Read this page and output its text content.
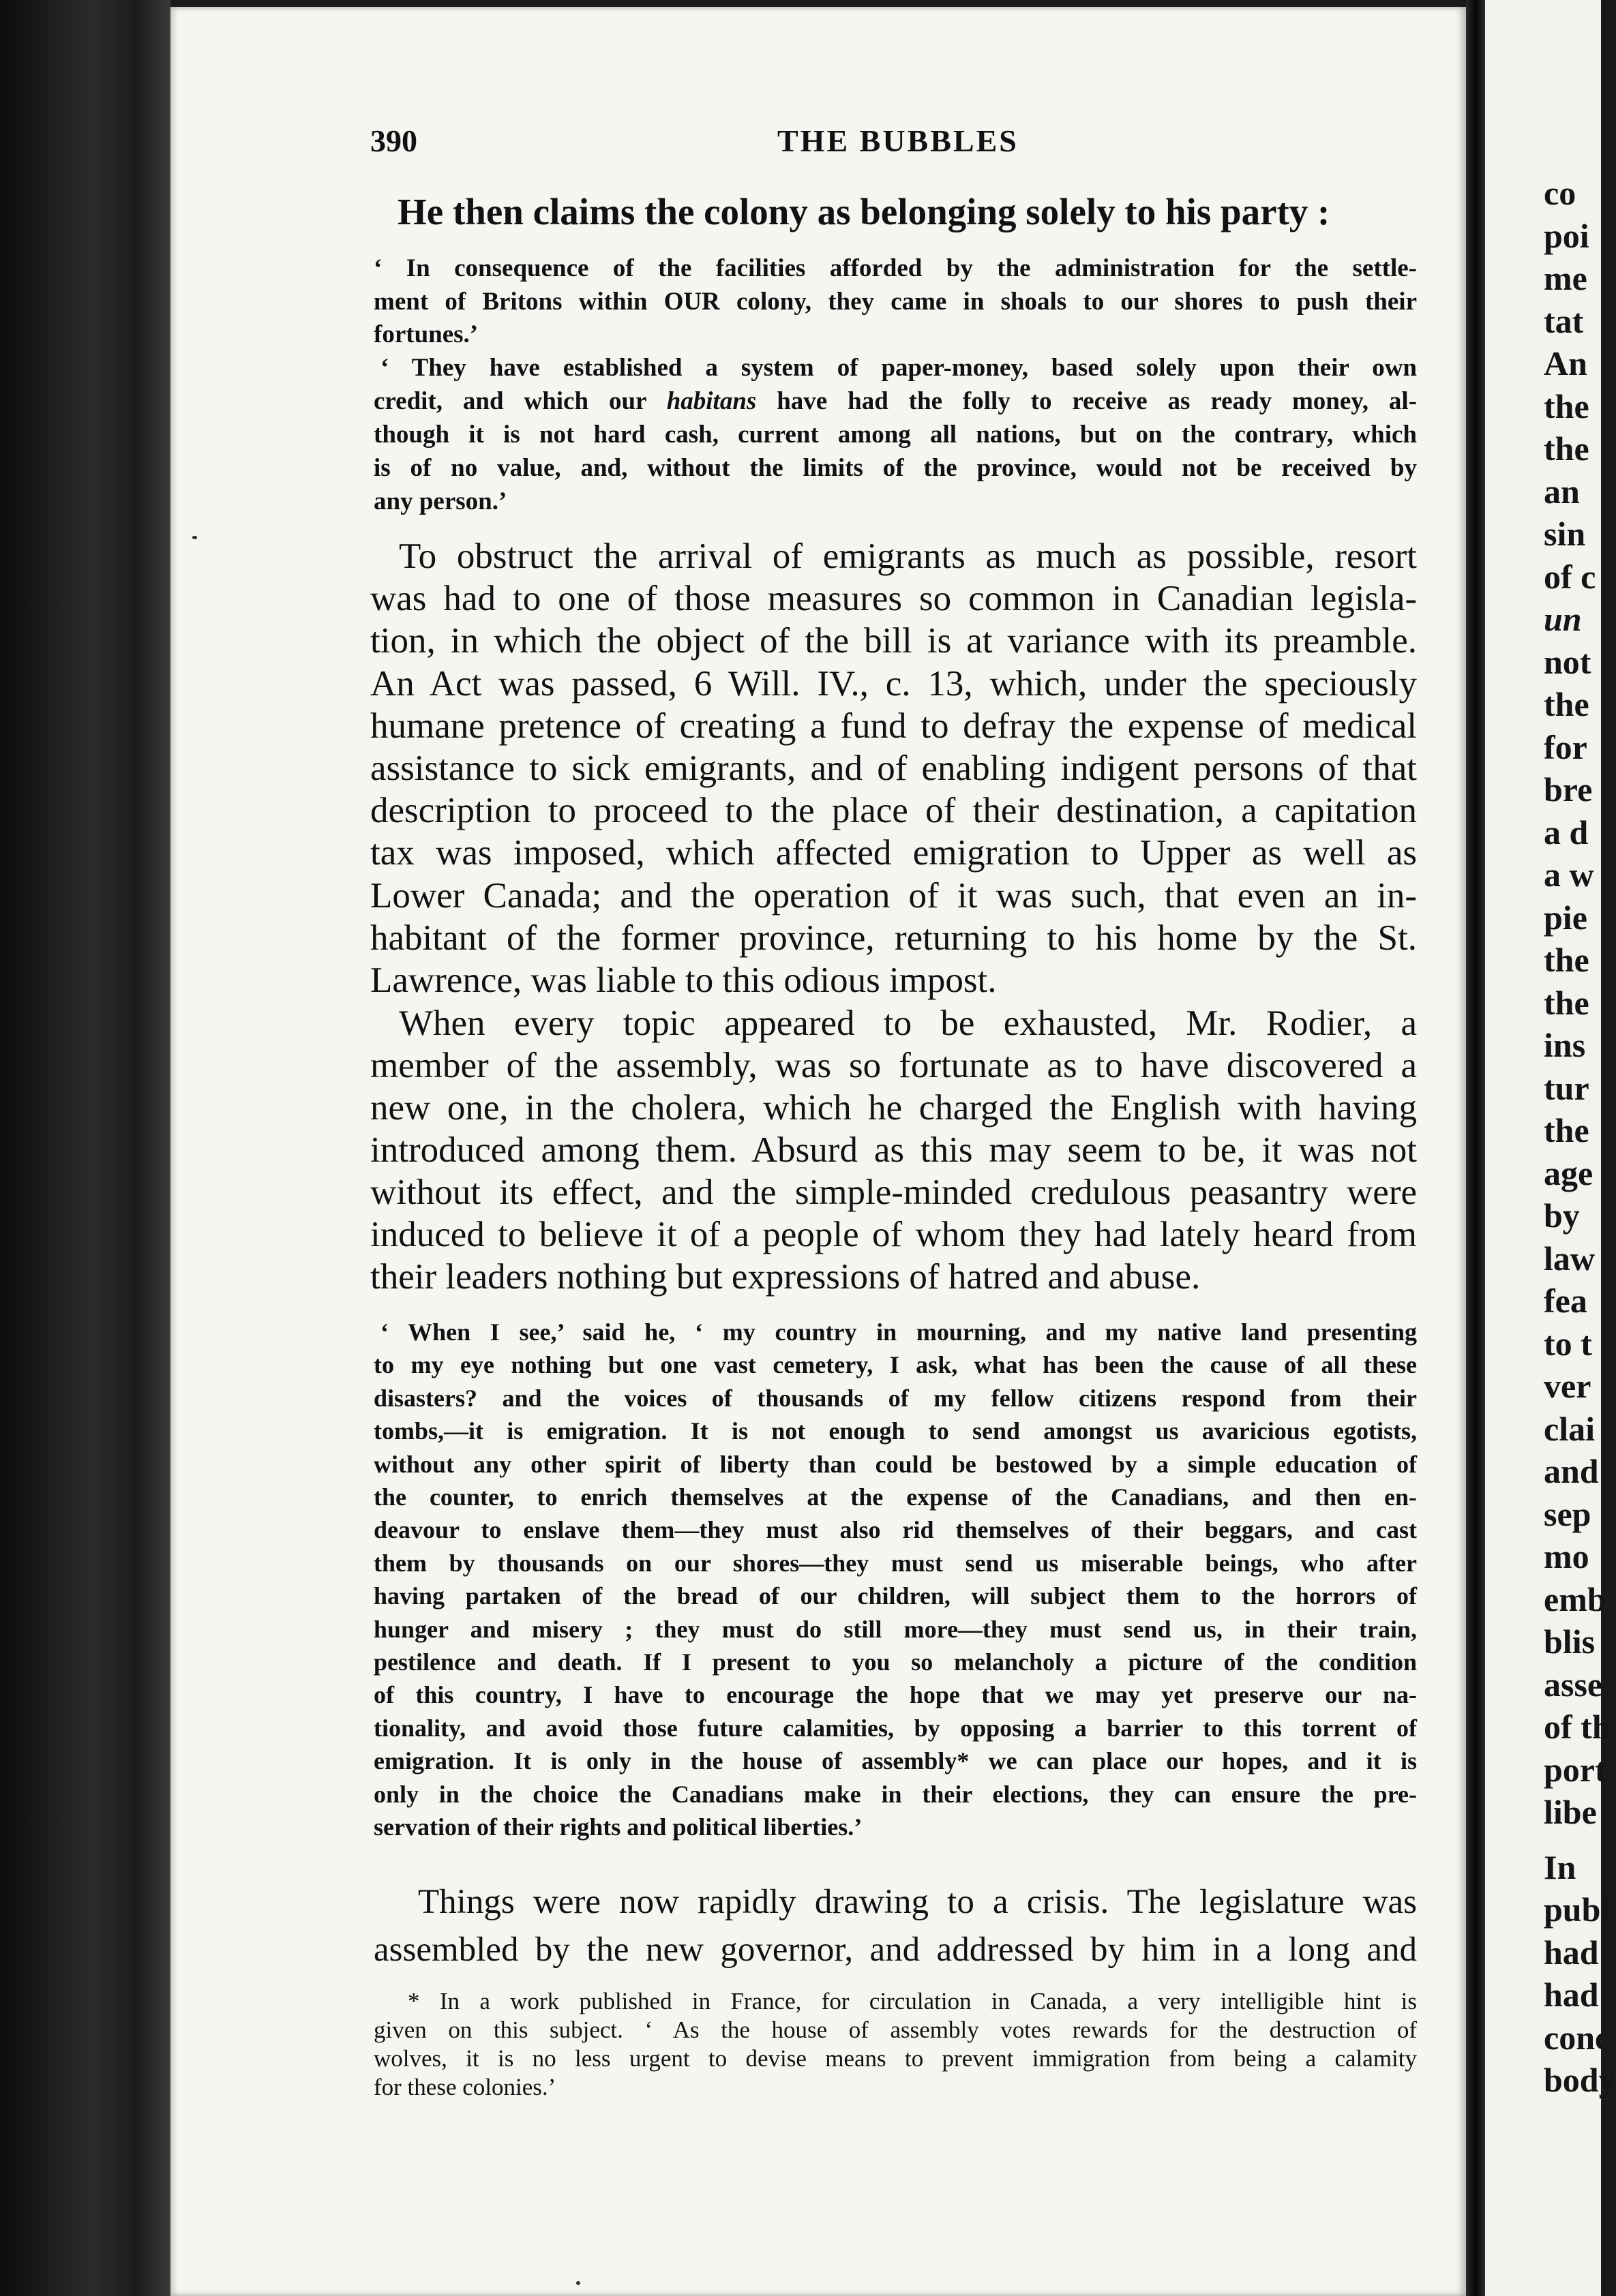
co
poi
me
tat
An
the
the
an
sin
of c
un
not
the
for
bre
a d
a w
pie
the
the
ins
tur
the
age
by
law
fea
to t
ver
clai
and
sep
mo
emb
blis
asse
of th
port
libe
In
publ
had
had
conc
body
390	THE BUBBLES

He then claims the colony as belonging solely to his party :

‘ In consequence of the facilities afforded by the administration for the settle-

ment of Britons within OUR colony, they came in shoals to our shores to push their

fortunes.’

‘ They have established a system of paper-money, based solely upon their own

credit, and which our habitans have had the folly to receive as ready money, al-

though it is not hard cash, current among all nations, but on the contrary, which

is of no value, and, without the limits of the province, would not be received by

any person.’

To obstruct the arrival of emigrants as much as possible, resort

was had to one of those measures so common in Canadian legisla-

tion, in which the object of the bill is at variance with its preamble.

An Act was passed, 6 Will. IV., c. 13, which, under the speciously

humane pretence of creating a fund to defray the expense of medical

assistance to sick emigrants, and of enabling indigent persons of that

description to proceed to the place of their destination, a capitation

tax was imposed, which affected emigration to Upper as well as

Lower Canada; and the operation of it was such, that even an in-

habitant of the former province, returning to his home by the St.

Lawrence, was liable to this odious impost.

When every topic appeared to be exhausted, Mr. Rodier, a

member of the assembly, was so fortunate as to have discovered a

new one, in the cholera, which he charged the English with having

introduced among them. Absurd as this may seem to be, it was not

without its effect, and the simple-minded credulous peasantry were

induced to believe it of a people of whom they had lately heard from

their leaders nothing but expressions of hatred and abuse.

‘ When I see,’ said he, ‘ my country in mourning, and my native land presenting

to my eye nothing but one vast cemetery, I ask, what has been the cause of all these

disasters? and the voices of thousands of my fellow citizens respond from their

tombs,—it is emigration. It is not enough to send amongst us avaricious egotists,

without any other spirit of liberty than could be bestowed by a simple education of

the counter, to enrich themselves at the expense of the Canadians, and then en-

deavour to enslave them—they must also rid themselves of their beggars, and cast

them by thousands on our shores—they must send us miserable beings, who after

having partaken of the bread of our children, will subject them to the horrors of

hunger and misery ; they must do still more—they must send us, in their train,

pestilence and death. If I present to you so melancholy a picture of the condition

of this country, I have to encourage the hope that we may yet preserve our na-

tionality, and avoid those future calamities, by opposing a barrier to this torrent of

emigration. It is only in the house of assembly* we can place our hopes, and it is

only in the choice the Canadians make in their elections, they can ensure the pre-

servation of their rights and political liberties.’

Things were now rapidly drawing to a crisis. The legislature was

assembled by the new governor, and addressed by him in a long and

* In a work published in France, for circulation in Canada, a very intelligible hint is

given on this subject. ‘ As the house of assembly votes rewards for the destruction of

wolves, it is no less urgent to devise means to prevent immigration from being a calamity

for these colonies.’
